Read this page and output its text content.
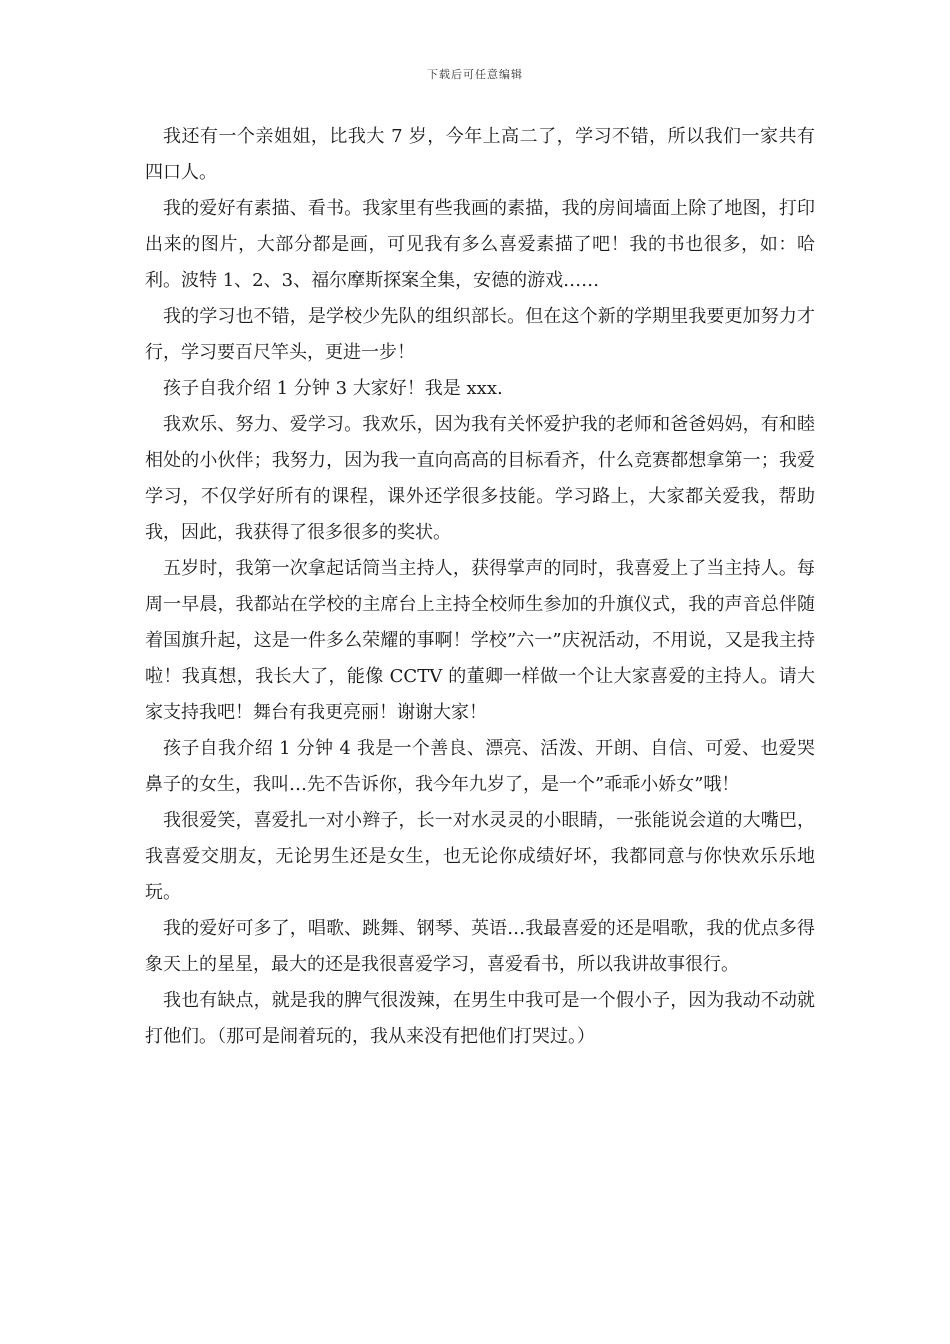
下载后可任意编辑

我还有一个亲姐姐，比我大 7 岁，今年上高二了，学习不错，所以我们一家共有四口人。

我的爱好有素描、看书。我家里有些我画的素描，我的房间墙面上除了地图，打印出来的图片，大部分都是画，可见我有多么喜爱素描了吧！我的书也很多，如：哈利。波特 1、2、3、福尔摩斯探案全集，安德的游戏……

我的学习也不错，是学校少先队的组织部长。但在这个新的学期里我要更加努力才行，学习要百尺竿头，更进一步！

孩子自我介绍 1 分钟 3 大家好！我是 xxx.

我欢乐、努力、爱学习。我欢乐，因为我有关怀爱护我的老师和爸爸妈妈，有和睦相处的小伙伴；我努力，因为我一直向高高的目标看齐，什么竞赛都想拿第一；我爱学习，不仅学好所有的课程，课外还学很多技能。学习路上，大家都关爱我，帮助我，因此，我获得了很多很多的奖状。

五岁时，我第一次拿起话筒当主持人，获得掌声的同时，我喜爱上了当主持人。每周一早晨，我都站在学校的主席台上主持全校师生参加的升旗仪式，我的声音总伴随着国旗升起，这是一件多么荣耀的事啊！学校”六一”庆祝活动，不用说，又是我主持啦！我真想，我长大了，能像 CCTV 的董卿一样做一个让大家喜爱的主持人。请大家支持我吧！舞台有我更亮丽！谢谢大家！

孩子自我介绍 1 分钟 4 我是一个善良、漂亮、活泼、开朗、自信、可爱、也爱哭鼻子的女生，我叫…先不告诉你，我今年九岁了，是一个”乖乖小娇女”哦！

我很爱笑，喜爱扎一对小辫子，长一对水灵灵的小眼睛，一张能说会道的大嘴巴，我喜爱交朋友，无论男生还是女生，也无论你成绩好坏，我都同意与你快欢乐乐地玩。

我的爱好可多了，唱歌、跳舞、钢琴、英语…我最喜爱的还是唱歌，我的优点多得象天上的星星，最大的还是我很喜爱学习，喜爱看书，所以我讲故事很行。

我也有缺点，就是我的脾气很泼辣，在男生中我可是一个假小子，因为我动不动就打他们。（那可是闹着玩的，我从来没有把他们打哭过。）
